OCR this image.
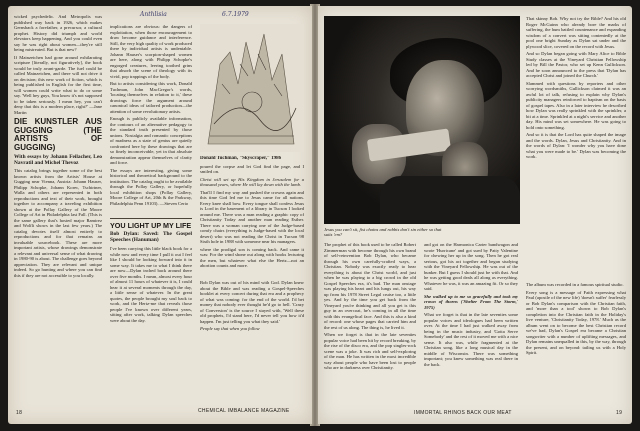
Anthlisia	6.7.1979

wicked psychedelic. And Metropolis was published way back in 1926, which makes Gernsback a forefather, a precursor, a cultural prophet. History did triumph and world elevators keep happening. And you could even say he was right about women—they're still being mistreated. But is that new?

If Mainzeichen had gone around exhilarating scripture [literally, not figuratively], the book would be truly avant-garde. The fuel could be called Mainzeichen, and there will not drive it on decision; this new work of fiction, which is being published in English for the first time, will women could write what to do or some say. 'Well hey guys, You know it's not supposed to be taken seriously. I mean hey, you can't deny that this is a modern place, right?' —Jane Martin

DIE KUNSTLER AUS GUGGING (THE ARTISTS OF GUGGING)
With essays by Johann Feilacher, Leo Navratil and Michel Thevoz

This catalog brings together some of the best known artists from the Artists' House at Gugging near Vienna, Austria: Johann Hauser, Philipp Schopke, Johann Korec, Tschirtner, Walla and others are represented in both reproductions and text of their work, brought together to accompany a traveling exhibition shown at the Pollay Gallery of the Moore College of Art in Philadelphia last Fall. (This is the same gallery that's hosted major Ramirez and Wolfli shows in the last few years.) The catalog devotes itself almost entirely to reproductions and for that remains an invaluable sourcebook. These are more important artists, whose drawings demonstrate a relevant and universal sense of what drawing in 1980-90 is about. The challenge goes beyond appreciation. They are relevant and unique indeed. So go hunting and where you can find this if they are not accessible to you locally.

implications are obvious: the dangers of exploitation, when those encouragement to draw become guidance and interference. Still, the very high quality of work produced there by individual artists is undeniable. Johann Hauser's scorpion-shaped women are here, along with Philipp Schopke's engorged creatures, leering toothed grins that absorb the scene of theology with its vivid, pop trappings of the body.

But to artists considering this work, Donald Tuchman, John MacGregor's words, 'locating themselves in relation to it,' these drawings force the argument around canonical ideas of tailored production—the attention of some revolutionary artists.

Enough is publicly available information, the contours of an alternative pedagogy to the standard truth presented by those unions. Nostalgia and romantic conceptions of madness as a state of genius are quietly confronted here by these drawings that are so finely inconceivable, yet in that absolute demonstration appear themselves of clarity and force.

The essays are interesting, giving some historical and theoretical background to the institution. The catalog ought to be available through the Pollay Gallery, or hopefully local exhibition shops (Pollay Gallery, Moore College of Art, 20th & the Parkway, Philadelphia Penn 19103). —Steven Cerio

Donald Tuchman, "Skyscraper," 1986

poured the corpse and let God find the page, and I smiled on.

Christ will set up His Kingdom in Jerusalem for a thousand years, where He will lay down with the lamb.

That'll I find my way and pushed the crowns again and this time God led me to Jesus came for all nations. Every knee shall bow. Every tongue shall confess Jesus is Lord in the basement of a library in Tucson I looked around me. There was a man reading a graphic copy of Christianity Today and another man reading Esther. There was a woman carrying one of the Judge-based comfy chairs (everything is Judge-based with the local desert) who was not reading the Christ in Tucson 98 Sixth hole in 1988 with someone near his managers.

where the prodigal son is coming back. And came it was: For the wind shone out along with hooks lecturing the men, but whatever what else the Hertz—not an abortion counts and more.

YOU LIGHT UP MY LIFE
Bob Dylan: Saved: The Gospel Speeches (Hanuman)

I've been carrying this little black book for a while now and every time I pull it out I feel like I should be looking forward into it in some way. It takes me to what I think there are now—Dylan inched back around there over five months. I mean, almost every hour of almost 11 hours of whatever it is, I could hear it at several moments through the day, a little sense of whatever. In the great quotes, the people brought my soul back to work, and the Hertz-me that reveals those people I've known over different years, sitting after work, talking Dylan speeches were about the day.

Bob Dylan was out of his mind with God. Dylan knew about the Bible and was reading a Gospel-Speeches booklet at every concert during that era and a prophecy of what was coming: for the end of the world. I'd bet money that nobody ever thought he'd go to hell. 'Crazy of Conversion' is the source I stayed with, 'Well these old prophets, I'd stand here, I'd never tell you how it'd happen. I'm just telling you what they said.'

People say that when you follow

CHEMICAL IMBALANCE MAGAZINE
18
Jesus you can't sit, fist chains and rabbis don't sin either so that suits 'em?

That skinny Bob. Why not try the Bible? And his old Roger McGuinn who already bore the marks of suffering, the hum battled countenance and expanding wisdom of a convert was sitting contentedly at the pool one bright Sunday as Dylan sat under and the plywood slice, covered on the record with Jesus.

And so Dylan began going with Mary Alice to Bible Study classes at the Vineyard Christian Fellowship led by Bill the Pastor, who set up Kenn Gullickson. And he soon announced to the press that 'Dylan has accepted Christ and joined the Church.'

Slammed with questions by reporters and other worrying wordsmiths, Gullickson claimed it was an awful lot of talk, refusing to explain why Dylan's publicity managers reinforced to baptism on the basis of gospel tapes. Also in a later interview he described how Dylan was really sprinkled with the sprinkler, a bit at a time. Sprinkled at a night's service and another day. His mind was set somewhere. He was going to hold onto something.

And so it is that the Lord has quite shaped the image and the words. Dylan, Jesus and Christianity. And in the words of Dylan: 'I wonder why you have done what you were made to be.' Dylan was becoming the work.

The prophet of this book used to be called Robert Zimmerman with become through his own brand of self-reinvention Bob Dylan, who became through his own carefully-crafted ways, a Christian. Nobody was exactly ready to hear everything is about the Christ world, and just when he was playing to a big crowd in the old Gospel Speeches era, it's bad. The man onstage was playing his heart and his lungs out, his way up from his 1978 Street Legal cruise too, a little yes. And by the time you get back from the Vineyard you're thinking and all you get is this guy in an overcoat, he's coming in all the time with this evangelical face. And this is also a kind of record: one whose pages that carried him and the rest of us along. The thing is, he lived it.

When we forget is that in the late seventies popular voice had been hit by record breaking, by the rise of the disco era, and the pop singles-rock scene was a joke. It was rich and self-exploring of the man. He has written in the most incredible way about people who have been lost to people who are in darkness over Christianity.

and got on the Harmonica Carter bandwagon and wrote 'Hurricane' and got sued by Patty Valentine for chewing her up in the song. Then he got real serious, got his act together and began studying with the Vineyard Fellowship. He was out of the bunker. But I guess I should just be with that. And he was getting good deals all along as everything. Whatever he was, it was an amazing fit. Or so they said.

She walked up to me so gracefully and took my crown of thorns ('Shelter From The Storm,' 1975)

What we forget is that in the late seventies some popular voices and ideologues had been written over. At the time I had just walked away from being in the music industry, and 'Gotta Serve Somebody' and the rest of it moved me with a nice sense. It also was, while fragmented at the Christian song, like a long musical day in the middle of Wisconsin. There was something important; you knew something was real there in the back.

The album was recorded in a famous spiritual studio.

Every song is a message of Faith expressing what Paul (apostle of the new life) 'doesn't suffer' fearlessly or Bob Dylan's comparison with the Christian faith, and 'more than a tool' shown to Bob Dylan's completion into the Christian faith in the Holiday's live venture, 'Christianity Today, 1978.' Much as the album went on to become the best Christian record we've had, Dylan's Gospel era became a Christian songwriter with a number of uplifting messages, and Dylan remains unequalled in this, by the way, through the present, and on beyond: tailing us with a Holy Spirit.

IMMORTAL RHINOS BACK OUR MEAT	19
